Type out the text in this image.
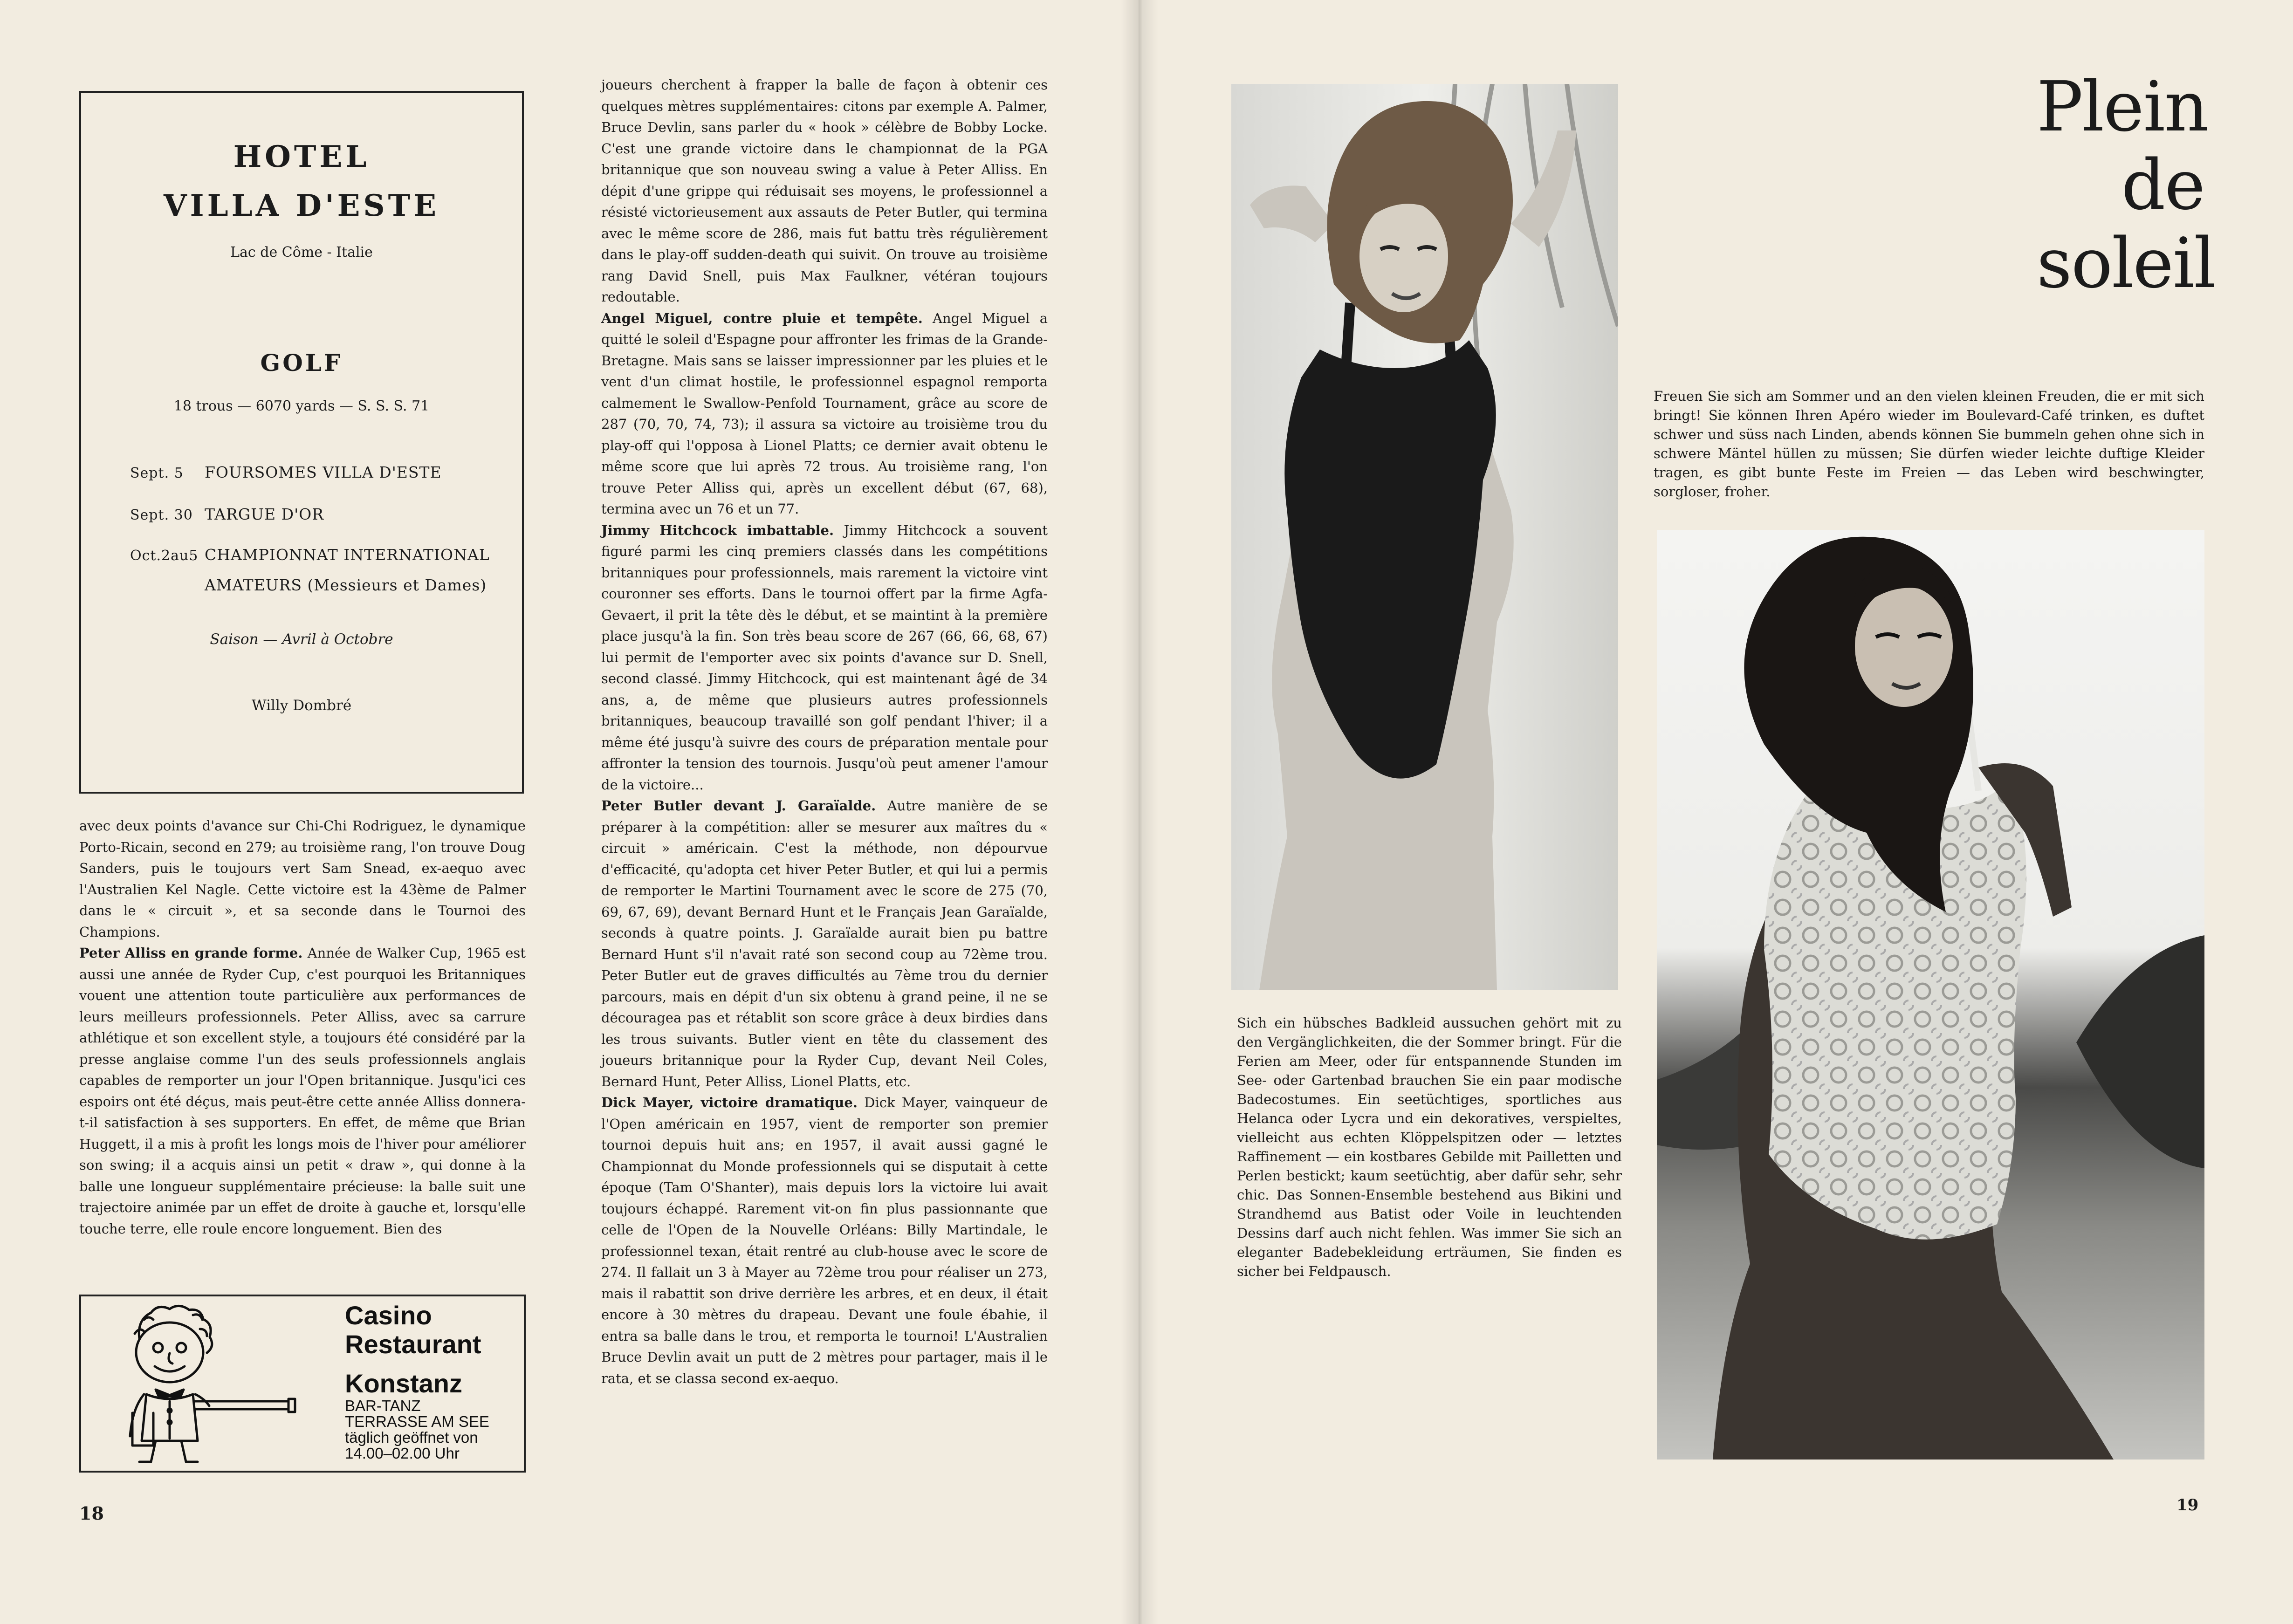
HOTEL
VILLA D'ESTE
Lac de Côme - Italie
GOLF
18 trous — 6070 yards — S. S. S. 71
Sept. 5 FOURSOMES VILLA D'ESTE
Sept. 30 TARGUE D'OR
Oct.2au5 CHAMPIONNAT INTERNATIONAL
AMATEURS (Messieurs et Dames)
Saison — Avril à Octobre
Willy Dombré

avec deux points d'avance sur Chi-Chi Rodriguez, le dynamique Porto-Ricain, second en 279; au troisième rang, l'on trouve Doug Sanders, puis le toujours vert Sam Snead, ex-aequo avec l'Australien Kel Nagle. Cette victoire est la 43ème de Palmer dans le « circuit », et sa seconde dans le Tournoi des Champions.

Peter Alliss en grande forme. Année de Walker Cup, 1965 est aussi une année de Ryder Cup, c'est pourquoi les Britanniques vouent une attention toute particulière aux performances de leurs meilleurs professionnels. Peter Alliss, avec sa carrure athlétique et son excellent style, a toujours été considéré par la presse anglaise comme l'un des seuls professionnels anglais capables de remporter un jour l'Open britannique. Jusqu'ici ces espoirs ont été déçus, mais peut-être cette année Alliss donnera-t-il satisfaction à ses supporters. En effet, de même que Brian Huggett, il a mis à profit les longs mois de l'hiver pour améliorer son swing; il a acquis ainsi un petit « draw », qui donne à la balle une longueur supplémentaire précieuse: la balle suit une trajectoire animée par un effet de droite à gauche et, lorsqu'elle touche terre, elle roule encore longuement. Bien des

Casino
Restaurant
Konstanz
BAR-TANZ
TERRASSE AM SEE
täglich geöffnet von
14.00–02.00 Uhr

joueurs cherchent à frapper la balle de façon à obtenir ces quelques mètres supplémentaires: citons par exemple A. Palmer, Bruce Devlin, sans parler du « hook » célèbre de Bobby Locke. C'est une grande victoire dans le championnat de la PGA britannique que son nouveau swing a value à Peter Alliss. En dépit d'une grippe qui réduisait ses moyens, le professionnel a résisté victorieusement aux assauts de Peter Butler, qui termina avec le même score de 286, mais fut battu très régulièrement dans le play-off sudden-death qui suivit. On trouve au troisième rang David Snell, puis Max Faulkner, vétéran toujours redoutable.

Angel Miguel, contre pluie et tempête. Angel Miguel a quitté le soleil d'Espagne pour affronter les frimas de la Grande-Bretagne. Mais sans se laisser impressionner par les pluies et le vent d'un climat hostile, le professionnel espagnol remporta calmement le Swallow-Penfold Tournament, grâce au score de 287 (70, 70, 74, 73); il assura sa victoire au troisième trou du play-off qui l'opposa à Lionel Platts; ce dernier avait obtenu le même score que lui après 72 trous. Au troisième rang, l'on trouve Peter Alliss qui, après un excellent début (67, 68), termina avec un 76 et un 77.

Jimmy Hitchcock imbattable. Jimmy Hitchcock a souvent figuré parmi les cinq premiers classés dans les compétitions britanniques pour professionnels, mais rarement la victoire vint couronner ses efforts. Dans le tournoi offert par la firme Agfa-Gevaert, il prit la tête dès le début, et se maintint à la première place jusqu'à la fin. Son très beau score de 267 (66, 66, 68, 67) lui permit de l'emporter avec six points d'avance sur D. Snell, second classé. Jimmy Hitchcock, qui est maintenant âgé de 34 ans, a, de même que plusieurs autres professionnels britanniques, beaucoup travaillé son golf pendant l'hiver; il a même été jusqu'à suivre des cours de préparation mentale pour affronter la tension des tournois. Jusqu'où peut amener l'amour de la victoire...

Peter Butler devant J. Garaïalde. Autre manière de se préparer à la compétition: aller se mesurer aux maîtres du « circuit » américain. C'est la méthode, non dépourvue d'efficacité, qu'adopta cet hiver Peter Butler, et qui lui a permis de remporter le Martini Tournament avec le score de 275 (70, 69, 67, 69), devant Bernard Hunt et le Français Jean Garaïalde, seconds à quatre points. J. Garaïalde aurait bien pu battre Bernard Hunt s'il n'avait raté son second coup au 72ème trou. Peter Butler eut de graves difficultés au 7ème trou du dernier parcours, mais en dépit d'un six obtenu à grand peine, il ne se découragea pas et rétablit son score grâce à deux birdies dans les trous suivants. Butler vient en tête du classement des joueurs britannique pour la Ryder Cup, devant Neil Coles, Bernard Hunt, Peter Alliss, Lionel Platts, etc.

Dick Mayer, victoire dramatique. Dick Mayer, vainqueur de l'Open américain en 1957, vient de remporter son premier tournoi depuis huit ans; en 1957, il avait aussi gagné le Championnat du Monde professionnels qui se disputait à cette époque (Tam O'Shanter), mais depuis lors la victoire lui avait toujours échappé. Rarement vit-on fin plus passionnante que celle de l'Open de la Nouvelle Orléans: Billy Martindale, le professionnel texan, était rentré au club-house avec le score de 274. Il fallait un 3 à Mayer au 72ème trou pour réaliser un 273, mais il rabattit son drive derrière les arbres, et en deux, il était encore à 30 mètres du drapeau. Devant une foule ébahie, il entra sa balle dans le trou, et remporta le tournoi! L'Australien Bruce Devlin avait un putt de 2 mètres pour partager, mais il le rata, et se classa second ex-aequo.

18
Plein
de
soleil
Freuen Sie sich am Sommer und an den vielen kleinen Freuden, die er mit sich bringt! Sie können Ihren Apéro wieder im Boulevard-Café trinken, es duftet schwer und süss nach Linden, abends können Sie bummeln gehen ohne sich in schwere Mäntel hüllen zu müssen; Sie dürfen wieder leichte duftige Kleider tragen, es gibt bunte Feste im Freien — das Leben wird beschwingter, sorgloser, froher.
Sich ein hübsches Badkleid aussuchen gehört mit zu den Vergänglichkeiten, die der Sommer bringt. Für die Ferien am Meer, oder für entspannende Stunden im See- oder Gartenbad brauchen Sie ein paar modische Badecostumes. Ein seetüchtiges, sportliches aus Helanca oder Lycra und ein dekoratives, verspieltes, vielleicht aus echten Klöppelspitzen oder — letztes Raffinement — ein kostbares Gebilde mit Pailletten und Perlen bestickt; kaum seetüchtig, aber dafür sehr, sehr chic. Das Sonnen-Ensemble bestehend aus Bikini und Strandhemd aus Batist oder Voile in leuchtenden Dessins darf auch nicht fehlen. Was immer Sie sich an eleganter Badebekleidung erträumen, Sie finden es sicher bei Feldpausch.
19
